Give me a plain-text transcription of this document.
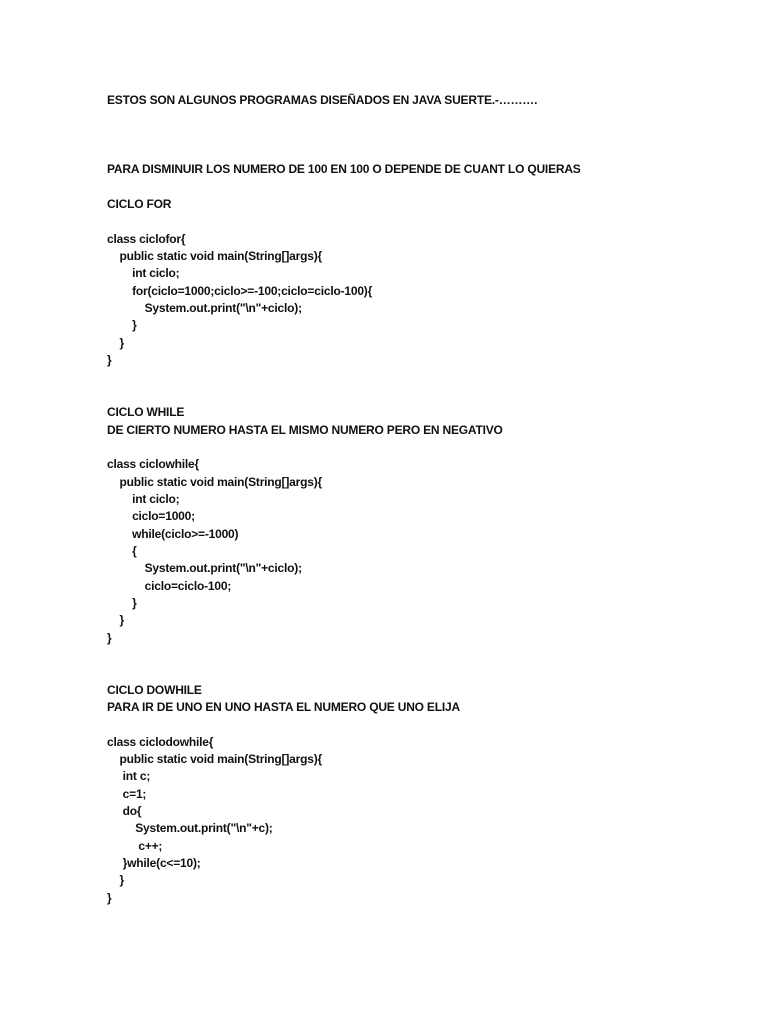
ESTOS SON ALGUNOS PROGRAMAS DISEÑADOS EN JAVA SUERTE.-……….
PARA DISMINUIR LOS NUMERO DE 100 EN 100 O DEPENDE DE CUANT LO QUIERAS
CICLO FOR
class ciclofor{
public static void main(String[]args){
int ciclo;
for(ciclo=1000;ciclo>=-100;ciclo=ciclo-100){
System.out.print("\n"+ciclo);
}
}
}
CICLO WHILE
DE CIERTO NUMERO HASTA EL MISMO NUMERO PERO EN NEGATIVO
class ciclowhile{
public static void main(String[]args){
int ciclo;
ciclo=1000;
while(ciclo>=-1000)
{
System.out.print("\n"+ciclo);
ciclo=ciclo-100;
}
}
}
CICLO DOWHILE
PARA IR DE UNO EN UNO HASTA EL NUMERO QUE UNO ELIJA
class ciclodowhile{
public static void main(String[]args){
int c;
c=1;
do{
System.out.print("\n"+c);
c++;
}while(c<=10);
}
}
